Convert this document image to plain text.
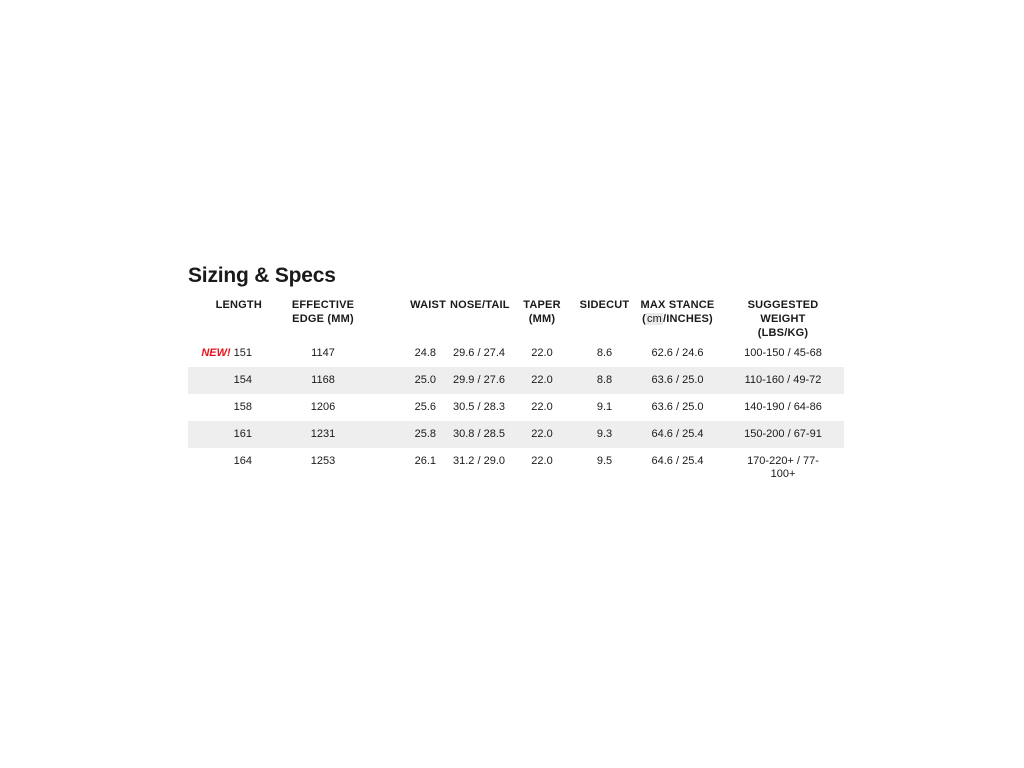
Sizing & Specs
LENGTH	EFFECTIVE EDGE (MM)	WAIST	NOSE/TAIL	TAPER (MM)	SIDECUT	MAX STANCE (cm/INCHES)	SUGGESTED WEIGHT (LBS/KG)
NEW! 151	1147	24.8	29.6 / 27.4	22.0	8.6	62.6 / 24.6	100-150 / 45-68
154	1168	25.0	29.9 / 27.6	22.0	8.8	63.6 / 25.0	110-160 / 49-72
158	1206	25.6	30.5 / 28.3	22.0	9.1	63.6 / 25.0	140-190 / 64-86
161	1231	25.8	30.8 / 28.5	22.0	9.3	64.6 / 25.4	150-200 / 67-91
164	1253	26.1	31.2 / 29.0	22.0	9.5	64.6 / 25.4	170-220+ / 77-100+
